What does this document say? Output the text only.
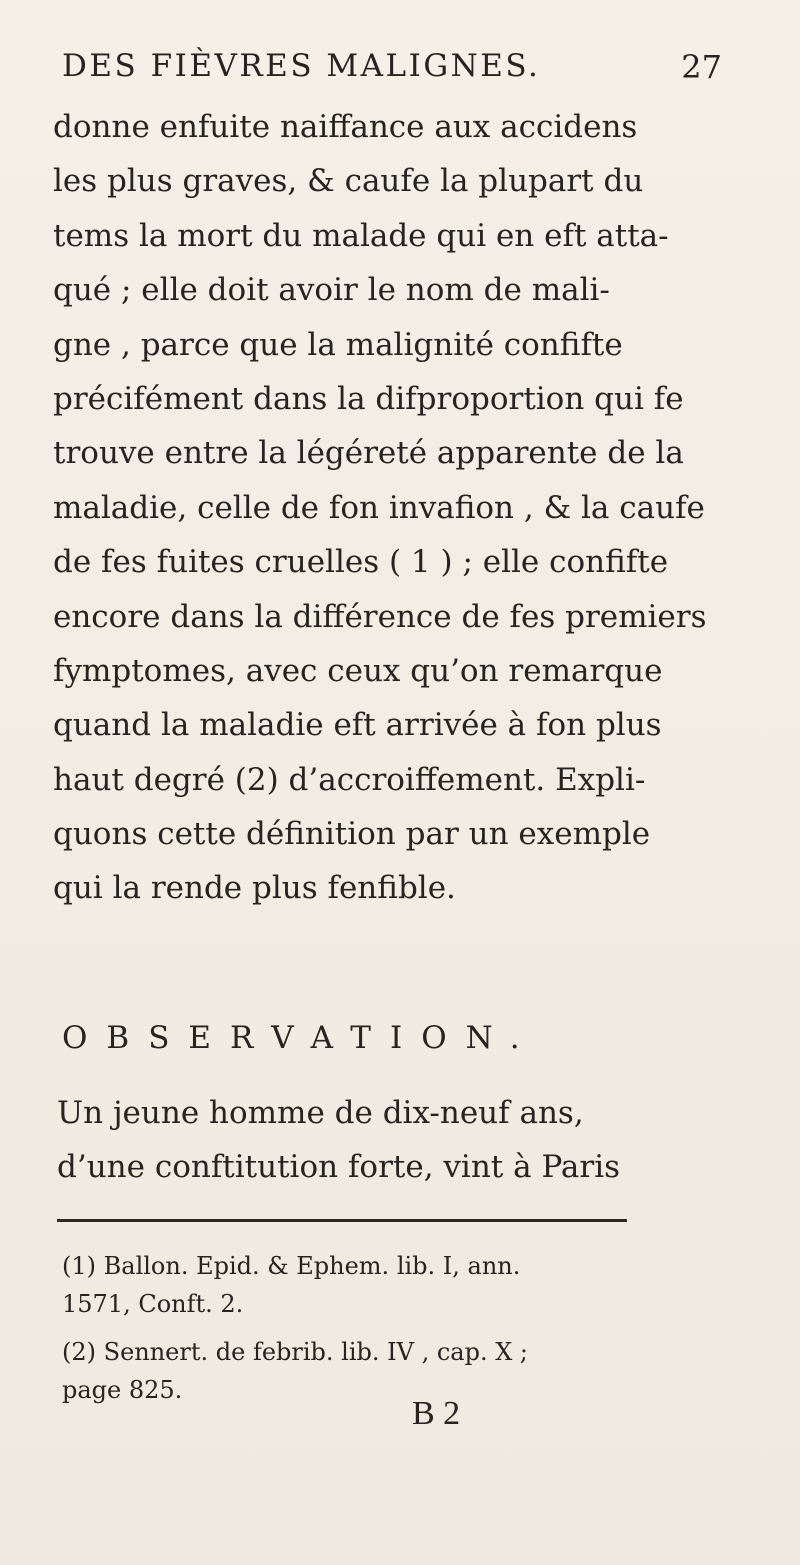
DES FIÈVRES MALIGNES.	27
donne enfuite naiffance aux accidens
les plus graves, & caufe la plupart du
tems la mort du malade qui en eft atta-
qué ; elle doit avoir le nom de mali-
gne , parce que la malignité confifte
précifément dans la difproportion qui fe
trouve entre la légéreté apparente de la
maladie, celle de fon invafion , & la caufe
de fes fuites cruelles ( 1 ) ; elle confifte
encore dans la différence de fes premiers
fymptomes, avec ceux qu’on remarque
quand la maladie eft arrivée à fon plus
haut degré (2) d’accroiffement. Expli-
quons cette définition par un exemple
qui la rende plus fenfible.
OBSERVATION.
Un jeune homme de dix-neuf ans,
d’une conftitution forte, vint à Paris
(1) Ballon. Epid. & Ephem. lib. I, ann.
1571, Conft. 2.
(2) Sennert. de febrib. lib. IV , cap. X ;
page 825.
B 2
